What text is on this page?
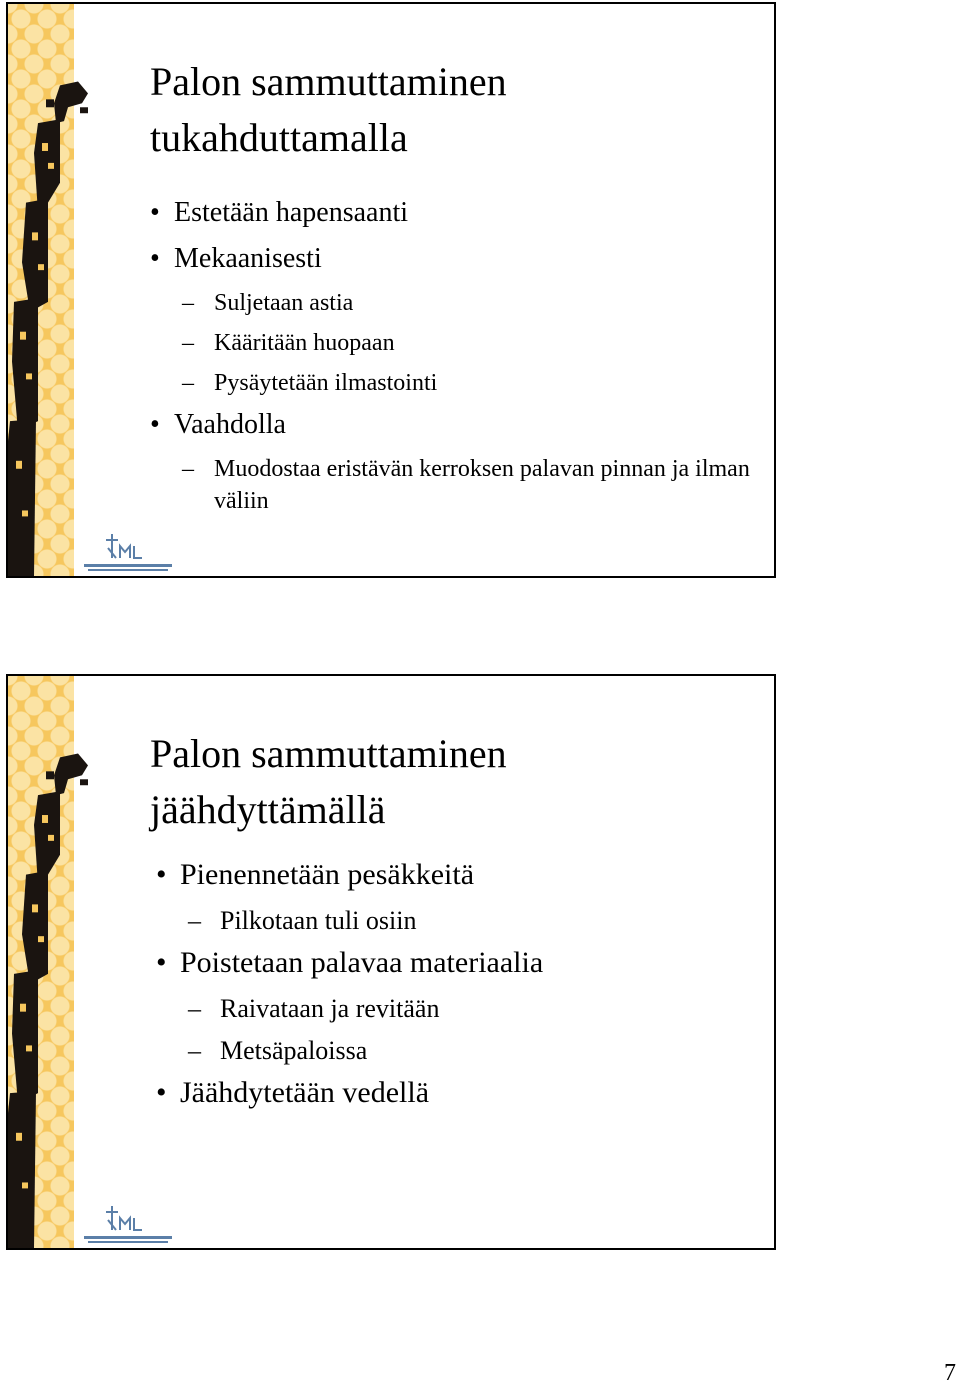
Palon sammuttaminen
tukahduttamalla
• Estetään hapensaanti
• Mekaanisesti
– Suljetaan astia
– Kääritään huopaan
– Pysäytetään ilmastointi
• Vaahdolla
– Muodostaa eristävän kerroksen palavan pinnan ja ilman väliin
Palon sammuttaminen
jäähdyttämällä
• Pienennetään pesäkkeitä
– Pilkotaan tuli osiin
• Poistetaan palavaa materiaalia
– Raivataan ja revitään
– Metsäpaloissa
• Jäähdytetään vedellä
7
